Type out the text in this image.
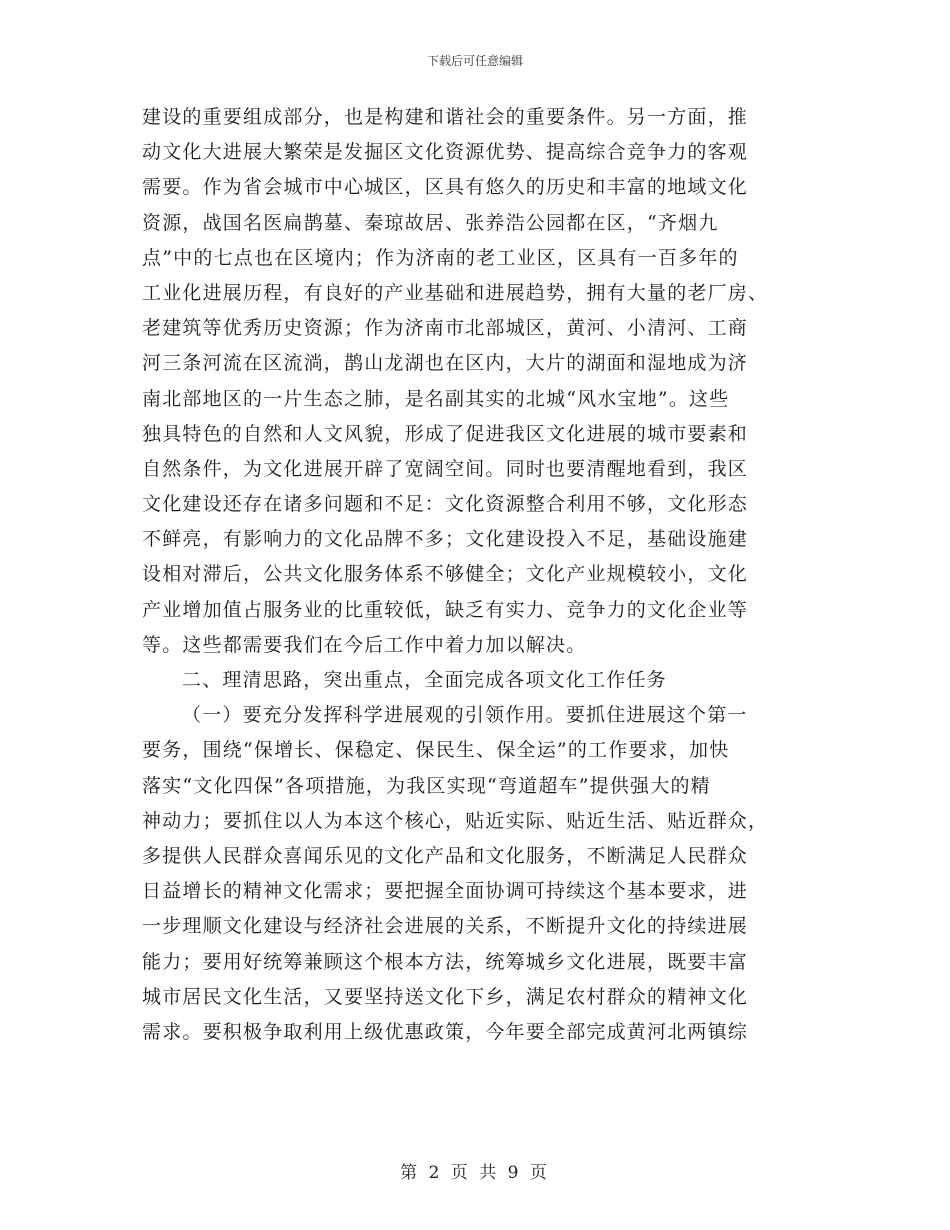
下载后可任意编辑
建设的重要组成部分，也是构建和谐社会的重要条件。另一方面，推
动文化大进展大繁荣是发掘区文化资源优势、提高综合竞争力的客观
需要。作为省会城市中心城区，区具有悠久的历史和丰富的地域文化
资源，战国名医扁鹊墓、秦琼故居、张养浩公园都在区，“齐烟九
点”中的七点也在区境内；作为济南的老工业区，区具有一百多年的
工业化进展历程，有良好的产业基础和进展趋势，拥有大量的老厂房、
老建筑等优秀历史资源；作为济南市北部城区，黄河、小清河、工商
河三条河流在区流淌，鹊山龙湖也在区内，大片的湖面和湿地成为济
南北部地区的一片生态之肺，是名副其实的北城“风水宝地”。这些
独具特色的自然和人文风貌，形成了促进我区文化进展的城市要素和
自然条件，为文化进展开辟了宽阔空间。同时也要清醒地看到，我区
文化建设还存在诸多问题和不足：文化资源整合利用不够，文化形态
不鲜亮，有影响力的文化品牌不多；文化建设投入不足，基础设施建
设相对滞后，公共文化服务体系不够健全；文化产业规模较小，文化
产业增加值占服务业的比重较低，缺乏有实力、竞争力的文化企业等
等。这些都需要我们在今后工作中着力加以解决。
二、理清思路，突出重点，全面完成各项文化工作任务
（一）要充分发挥科学进展观的引领作用。要抓住进展这个第一
要务，围绕“保增长、保稳定、保民生、保全运”的工作要求，加快
落实“文化四保”各项措施，为我区实现“弯道超车”提供强大的精
神动力；要抓住以人为本这个核心，贴近实际、贴近生活、贴近群众，
多提供人民群众喜闻乐见的文化产品和文化服务，不断满足人民群众
日益增长的精神文化需求；要把握全面协调可持续这个基本要求，进
一步理顺文化建设与经济社会进展的关系，不断提升文化的持续进展
能力；要用好统筹兼顾这个根本方法，统筹城乡文化进展，既要丰富
城市居民文化生活，又要坚持送文化下乡，满足农村群众的精神文化
需求。要积极争取利用上级优惠政策，今年要全部完成黄河北两镇综
第 2 页 共 9 页
